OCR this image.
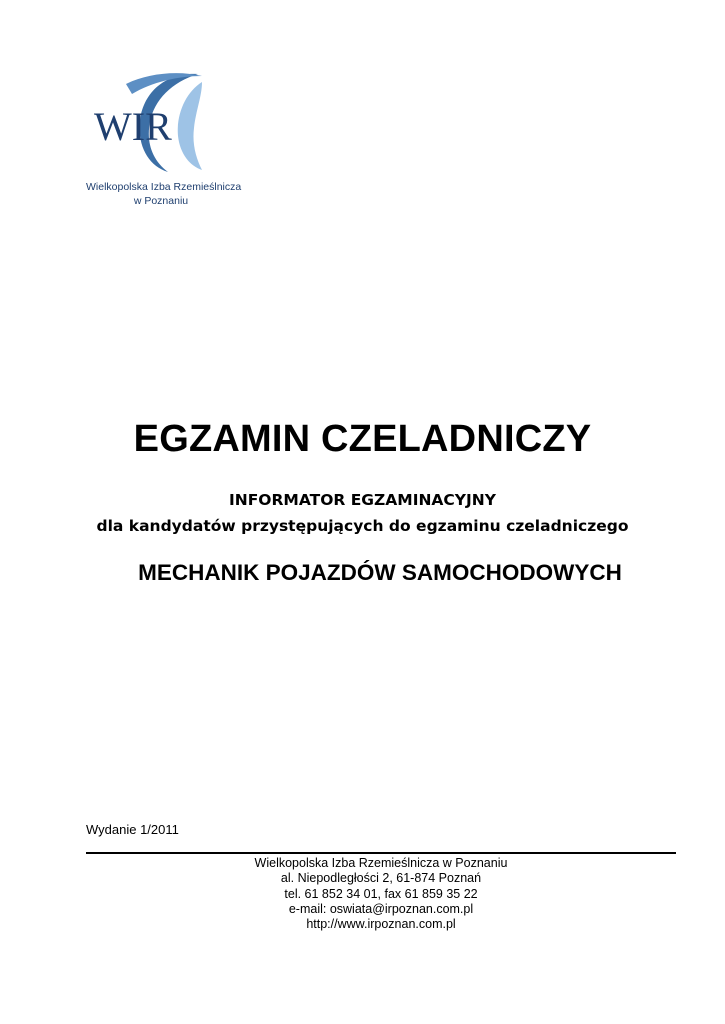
WIR
Wielkopolska Izba Rzemieślnicza
w Poznaniu
EGZAMIN CZELADNICZY
INFORMATOR EGZAMINACYJNY
dla kandydatów przystępujących do egzaminu czeladniczego
MECHANIK POJAZDÓW SAMOCHODOWYCH
Wydanie 1/2011
Wielkopolska Izba Rzemieślnicza w Poznaniu
al. Niepodległości 2, 61-874 Poznań
tel. 61 852 34 01, fax 61 859 35 22
e-mail: oswiata@irpoznan.com.pl
http://www.irpoznan.com.pl
